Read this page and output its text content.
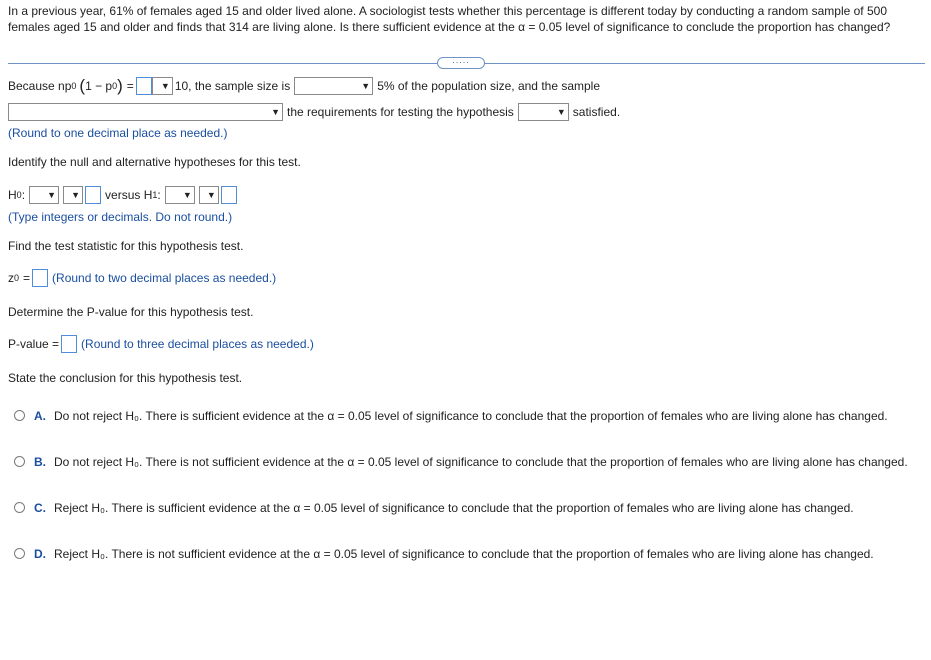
In a previous year, 61% of females aged 15 and older lived alone. A sociologist tests whether this percentage is different today by conducting a random sample of 500 females aged 15 and older and finds that 314 are living alone. Is there sufficient evidence at the α = 0.05 level of significance to conclude the proportion has changed?
.....
Because np 0 ( 1 − p 0 ) =	▼ 10, the sample size is	▼ 5% of the population size, and the sample
▼ the requirements for testing the hypothesis	▼ satisfied.
(Round to one decimal place as needed.)
Identify the null and alternative hypotheses for this test.
H 0 : ▼ ▼ versus H 1 : ▼ ▼
(Type integers or decimals. Do not round.)
Find the test statistic for this hypothesis test.
z 0 = (Round to two decimal places as needed.)
Determine the P-value for this hypothesis test.
P-value = (Round to three decimal places as needed.)
State the conclusion for this hypothesis test.
A. Do not reject H₀. There is sufficient evidence at the α = 0.05 level of significance to conclude that the proportion of females who are living alone has changed.
B. Do not reject H₀. There is not sufficient evidence at the α = 0.05 level of significance to conclude that the proportion of females who are living alone has changed.
C. Reject H₀. There is sufficient evidence at the α = 0.05 level of significance to conclude that the proportion of females who are living alone has changed.
D. Reject H₀. There is not sufficient evidence at the α = 0.05 level of significance to conclude that the proportion of females who are living alone has changed.
